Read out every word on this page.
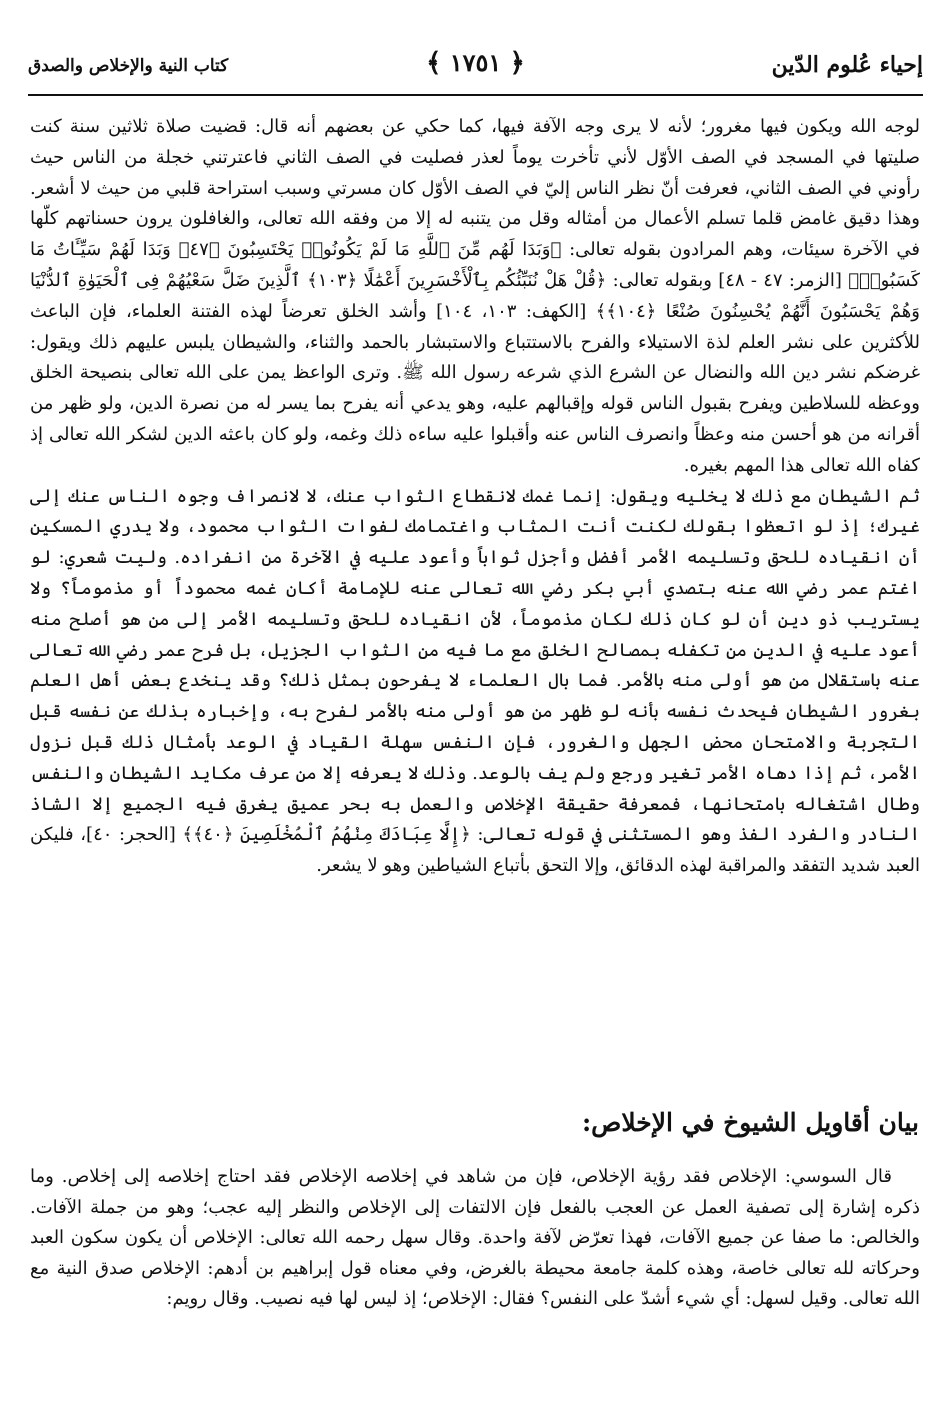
إحياء عُلوم الدّين
﴿ ١٧٥١ ﴾
كتاب النية والإخلاص والصدق

لوجه الله ويكون فيها مغرور؛ لأنه لا يرى وجه الآفة فيها، كما حكي عن بعضهم أنه قال: قضيت صلاة ثلاثين سنة كنت صليتها في المسجد في الصف الأوّل لأني تأخرت يوماً لعذر فصليت في الصف الثاني فاعترتني خجلة من الناس حيث رأوني في الصف الثاني، فعرفت أنّ نظر الناس إليّ في الصف الأوّل كان مسرتي وسبب استراحة قلبي من حيث لا أشعر. وهذا دقيق غامض قلما تسلم الأعمال من أمثاله وقل من يتنبه له إلا من وفقه الله تعالى، والغافلون يرون حسناتهم كلّها في الآخرة سيئات، وهم المرادون بقوله تعالى: ﴿وَبَدَا لَهُم مِّنَ ٱللَّهِ مَا لَمْ يَكُونُوا۟ يَحْتَسِبُونَ ﴿٤٧﴾ وَبَدَا لَهُمْ سَيِّـَٔاتُ مَا كَسَبُوا۟﴾ [الزمر: ٤٧ - ٤٨] وبقوله تعالى: ﴿قُلْ هَلْ نُنَبِّئُكُم بِٱلْأَخْسَرِينَ أَعْمَٰلًا ﴿١٠٣﴾ ٱلَّذِينَ ضَلَّ سَعْيُهُمْ فِى ٱلْحَيَوٰةِ ٱلدُّنْيَا وَهُمْ يَحْسَبُونَ أَنَّهُمْ يُحْسِنُونَ صُنْعًا ﴿١٠٤﴾﴾ [الكهف: ١٠٣، ١٠٤] وأشد الخلق تعرضاً لهذه الفتنة العلماء، فإن الباعث للأكثرين على نشر العلم لذة الاستيلاء والفرح بالاستتباع والاستبشار بالحمد والثناء، والشيطان يلبس عليهم ذلك ويقول: غرضكم نشر دين الله والنضال عن الشرع الذي شرعه رسول الله ﷺ. وترى الواعظ يمن على الله تعالى بنصيحة الخلق ووعظه للسلاطين ويفرح بقبول الناس قوله وإقبالهم عليه، وهو يدعي أنه يفرح بما يسر له من نصرة الدين، ولو ظهر من أقرانه من هو أحسن منه وعظاً وانصرف الناس عنه وأقبلوا عليه ساءه ذلك وغمه، ولو كان باعثه الدين لشكر الله تعالى إذ كفاه الله تعالى هذا المهم بغيره.

ثم الشيطان مع ذلك لا يخليه ويقول: إنما غمك لانقطاع الثواب عنك، لا لانصراف وجوه الناس عنك إلى غيرك؛ إذ لو اتعظوا بقولك لكنت أنت المثاب واغتمامك لفوات الثواب محمود، ولا يدري المسكين أن انقياده للحق وتسليمه الأمر أفضل وأجزل ثواباً وأعود عليه في الآخرة من انفراده. وليت شعري: لو اغتم عمر رضي الله عنه بتصدي أبي بكر رضي الله تعالى عنه للإمامة أكان غمه محموداً أو مذموماً؟ ولا يستريب ذو دين أن لو كان ذلك لكان مذموماً، لأن انقياده للحق وتسليمه الأمر إلى من هو أصلح منه أعود عليه في الدين من تكفله بمصالح الخلق مع ما فيه من الثواب الجزيل، بل فرح عمر رضي الله تعالى عنه باستقلال من هو أولى منه بالأمر. فما بال العلماء لا يفرحون بمثل ذلك؟ وقد ينخدع بعض أهل العلم بغرور الشيطان فيحدث نفسه بأنه لو ظهر من هو أولى منه بالأمر لفرح به، وإخباره بذلك عن نفسه قبل التجربة والامتحان محض الجهل والغرور، فإن النفس سهلة القياد في الوعد بأمثال ذلك قبل نزول الأمر، ثم إذا دهاه الأمر تغير ورجع ولم يف بالوعد. وذلك لا يعرفه إلا من عرف مكايد الشيطان والنفس وطال اشتغاله بامتحانها، فمعرفة حقيقة الإخلاص والعمل به بحر عميق يغرق فيه الجميع إلا الشاذ النادر والفرد الفذ وهو المستثنى في قوله تعالى: ﴿إِلَّا عِبَادَكَ مِنْهُمُ ٱلْمُخْلَصِينَ ﴿٤٠﴾﴾ [الحجر: ٤٠]، فليكن العبد شديد التفقد والمراقبة لهذه الدقائق، وإلا التحق بأتباع الشياطين وهو لا يشعر.

بيان أقاويل الشيوخ في الإخلاص:

قال السوسي: الإخلاص فقد رؤية الإخلاص، فإن من شاهد في إخلاصه الإخلاص فقد احتاج إخلاصه إلى إخلاص. وما ذكره إشارة إلى تصفية العمل عن العجب بالفعل فإن الالتفات إلى الإخلاص والنظر إليه عجب؛ وهو من جملة الآفات. والخالص: ما صفا عن جميع الآفات، فهذا تعرّض لآفة واحدة. وقال سهل رحمه الله تعالى: الإخلاص أن يكون سكون العبد وحركاته لله تعالى خاصة، وهذه كلمة جامعة محيطة بالغرض، وفي معناه قول إبراهيم بن أدهم: الإخلاص صدق النية مع الله تعالى. وقيل لسهل: أي شيء أشدّ على النفس؟ فقال: الإخلاص؛ إذ ليس لها فيه نصيب. وقال رويم:
